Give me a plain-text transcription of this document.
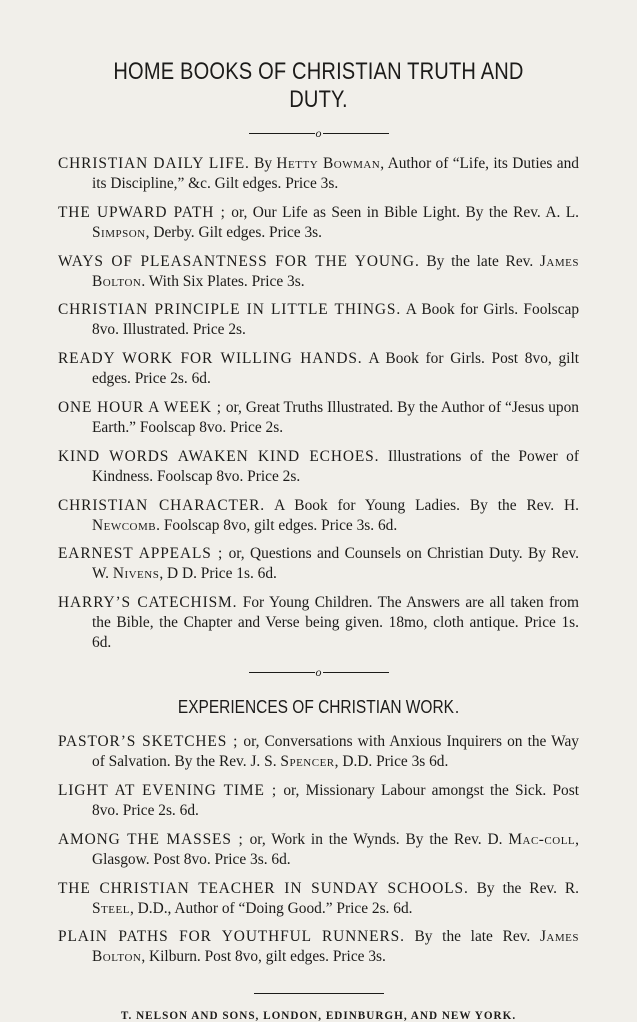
HOME BOOKS OF CHRISTIAN TRUTH AND DUTY.
o

CHRISTIAN DAILY LIFE. By Hetty Bowman, Author of “Life, its Duties and its Discipline,” &c. Gilt edges. Price 3s.

THE UPWARD PATH ; or, Our Life as Seen in Bible Light. By the Rev. A. L. Simpson, Derby. Gilt edges. Price 3s.

WAYS OF PLEASANTNESS FOR THE YOUNG. By the late Rev. James Bolton. With Six Plates. Price 3s.

CHRISTIAN PRINCIPLE IN LITTLE THINGS. A Book for Girls. Foolscap 8vo. Illustrated. Price 2s.

READY WORK FOR WILLING HANDS. A Book for Girls. Post 8vo, gilt edges. Price 2s. 6d.

ONE HOUR A WEEK ; or, Great Truths Illustrated. By the Author of “Jesus upon Earth.” Foolscap 8vo. Price 2s.

KIND WORDS AWAKEN KIND ECHOES. Illustrations of the Power of Kindness. Foolscap 8vo. Price 2s.

CHRISTIAN CHARACTER. A Book for Young Ladies. By the Rev. H. Newcomb. Foolscap 8vo, gilt edges. Price 3s. 6d.

EARNEST APPEALS ; or, Questions and Counsels on Christian Duty. By Rev. W. Nivens, D D. Price 1s. 6d.

HARRY’S CATECHISM. For Young Children. The Answers are all taken from the Bible, the Chapter and Verse being given. 18mo, cloth antique. Price 1s. 6d.

o
EXPERIENCES OF CHRISTIAN WORK.

PASTOR’S SKETCHES ; or, Conversations with Anxious Inquirers on the Way of Salvation. By the Rev. J. S. Spencer, D.D. Price 3s 6d.

LIGHT AT EVENING TIME ; or, Missionary Labour amongst the Sick. Post 8vo. Price 2s. 6d.

AMONG THE MASSES ; or, Work in the Wynds. By the Rev. D. Mac-coll, Glasgow. Post 8vo. Price 3s. 6d.

THE CHRISTIAN TEACHER IN SUNDAY SCHOOLS. By the Rev. R. Steel, D.D., Author of “Doing Good.” Price 2s. 6d.

PLAIN PATHS FOR YOUTHFUL RUNNERS. By the late Rev. James Bolton, Kilburn. Post 8vo, gilt edges. Price 3s.

T. NELSON AND SONS, LONDON, EDINBURGH, AND NEW YORK.
